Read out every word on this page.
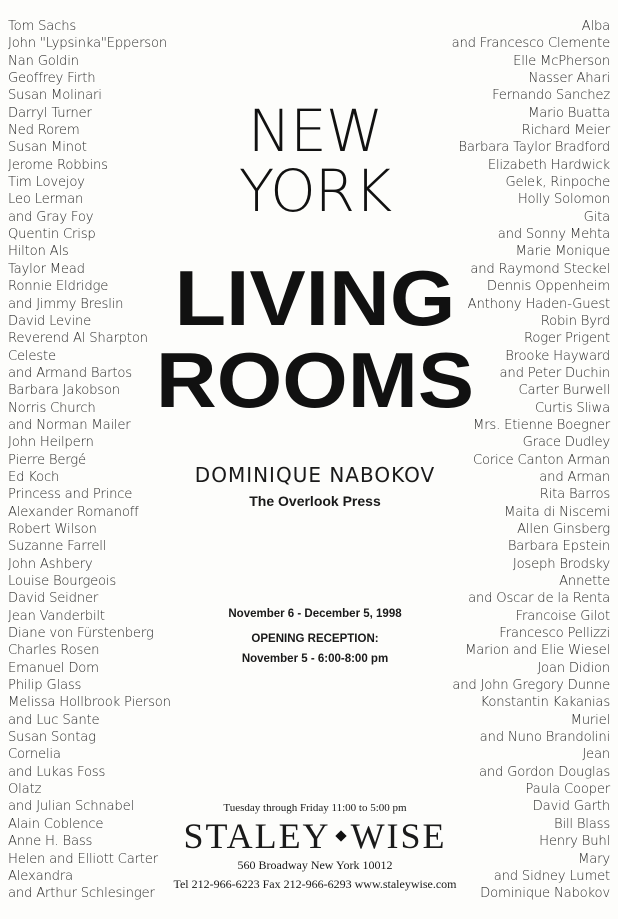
Tom Sachs
John "Lypsinka"Epperson
Nan Goldin
Geoffrey Firth
Susan Molinari
Darryl Turner
Ned Rorem
Susan Minot
Jerome Robbins
Tim Lovejoy
Leo Lerman
and Gray Foy
Quentin Crisp
Hilton Als
Taylor Mead
Ronnie Eldridge
and Jimmy Breslin
David Levine
Reverend Al Sharpton
Celeste
and Armand Bartos
Barbara Jakobson
Norris Church
and Norman Mailer
John Heilpern
Pierre Bergé
Ed Koch
Princess and Prince
Alexander Romanoff
Robert Wilson
Suzanne Farrell
John Ashbery
Louise Bourgeois
David Seidner
Jean Vanderbilt
Diane von Fürstenberg
Charles Rosen
Emanuel Dom
Philip Glass
Melissa Hollbrook Pierson
and Luc Sante
Susan Sontag
Cornelia
and Lukas Foss
Olatz
and Julian Schnabel
Alain Coblence
Anne H. Bass
Helen and Elliott Carter
Alexandra
and Arthur Schlesinger
Alba
and Francesco Clemente
Elle McPherson
Nasser Ahari
Fernando Sanchez
Mario Buatta
Richard Meier
Barbara Taylor Bradford
Elizabeth Hardwick
Gelek, Rinpoche
Holly Solomon
Gita
and Sonny Mehta
Marie Monique
and Raymond Steckel
Dennis Oppenheim
Anthony Haden-Guest
Robin Byrd
Roger Prigent
Brooke Hayward
and Peter Duchin
Carter Burwell
Curtis Sliwa
Mrs. Etienne Boegner
Grace Dudley
Corice Canton Arman
and Arman
Rita Barros
Maita di Niscemi
Allen Ginsberg
Barbara Epstein
Joseph Brodsky
Annette
and Oscar de la Renta
Francoise Gilot
Francesco Pellizzi
Marion and Elie Wiesel
Joan Didion
and John Gregory Dunne
Konstantin Kakanias
Muriel
and Nuno Brandolini
Jean
and Gordon Douglas
Paula Cooper
David Garth
Bill Blass
Henry Buhl
Mary
and Sidney Lumet
Dominique Nabokov
NEW
YORK
LIVING
ROOMS
DOMINIQUE NABOKOV
The Overlook Press
November 6 - December 5, 1998
OPENING RECEPTION:
November 5 - 6:00-8:00 pm
Tuesday through Friday 11:00 to 5:00 pm
STALEY WISE
560 Broadway New York 10012
Tel 212-966-6223 Fax 212-966-6293 www.staleywise.com
